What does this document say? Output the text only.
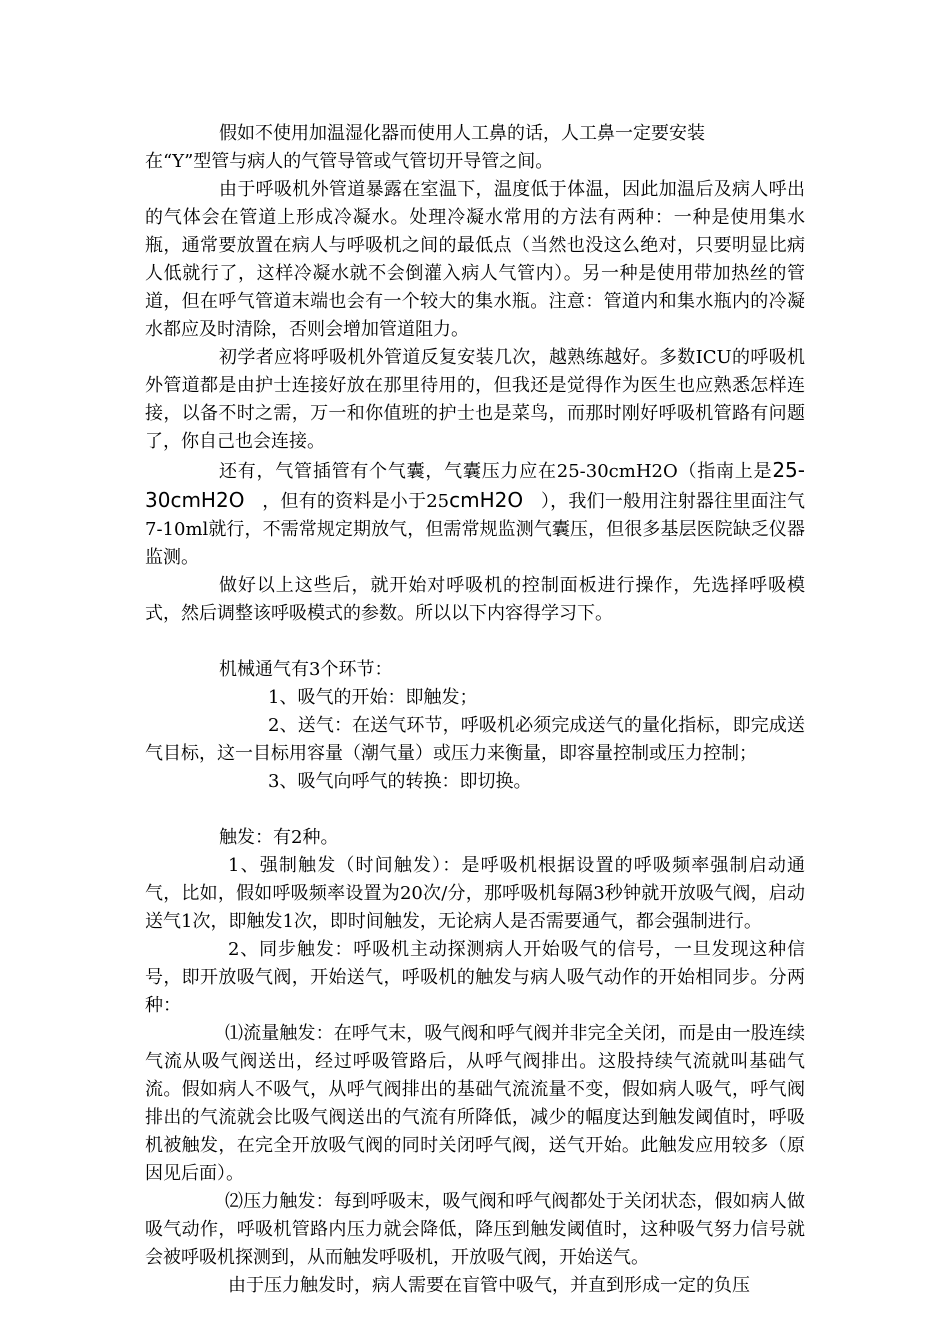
假如不使用加温湿化器而使用人工鼻的话，人工鼻一定要安装

在“Y”型管与病人的气管导管或气管切开导管之间。

由于呼吸机外管道暴露在室温下，温度低于体温，因此加温后及病人呼出的气体会在管道上形成冷凝水。处理冷凝水常用的方法有两种：一种是使用集水瓶，通常要放置在病人与呼吸机之间的最低点（当然也没这么绝对，只要明显比病人低就行了，这样冷凝水就不会倒灌入病人气管内）。另一种是使用带加热丝的管道，但在呼气管道末端也会有一个较大的集水瓶。注意：管道内和集水瓶内的冷凝水都应及时清除，否则会增加管道阻力。

初学者应将呼吸机外管道反复安装几次，越熟练越好。多数ICU的呼吸机外管道都是由护士连接好放在那里待用的，但我还是觉得作为医生也应熟悉怎样连接，以备不时之需，万一和你值班的护士也是菜鸟，而那时刚好呼吸机管路有问题了，你自己也会连接。

还有，气管插管有个气囊，气囊压力应在25-30cmH2O（指南上是25-30cmH2O ，但有的资料是小于25cmH2O ），我们一般用注射器往里面注气7-10ml就行，不需常规定期放气，但需常规监测气囊压，但很多基层医院缺乏仪器监测。

做好以上这些后，就开始对呼吸机的控制面板进行操作，先选择呼吸模式，然后调整该呼吸模式的参数。所以以下内容得学习下。

机械通气有3个环节：

1、吸气的开始：即触发；

2、送气：在送气环节，呼吸机必须完成送气的量化指标，即完成送气目标，这一目标用容量（潮气量）或压力来衡量，即容量控制或压力控制；

3、吸气向呼气的转换：即切换。

触发：有2种。

1、强制触发（时间触发）：是呼吸机根据设置的呼吸频率强制启动通气，比如，假如呼吸频率设置为20次/分，那呼吸机每隔3秒钟就开放吸气阀，启动送气1次，即触发1次，即时间触发，无论病人是否需要通气，都会强制进行。

2、同步触发：呼吸机主动探测病人开始吸气的信号，一旦发现这种信号，即开放吸气阀，开始送气，呼吸机的触发与病人吸气动作的开始相同步。分两种：

⑴流量触发：在呼气末，吸气阀和呼气阀并非完全关闭，而是由一股连续气流从吸气阀送出，经过呼吸管路后，从呼气阀排出。这股持续气流就叫基础气流。假如病人不吸气，从呼气阀排出的基础气流流量不变，假如病人吸气，呼气阀排出的气流就会比吸气阀送出的气流有所降低，减少的幅度达到触发阈值时，呼吸机被触发，在完全开放吸气阀的同时关闭呼气阀，送气开始。此触发应用较多（原因见后面）。

⑵压力触发：每到呼吸末，吸气阀和呼气阀都处于关闭状态，假如病人做吸气动作，呼吸机管路内压力就会降低，降压到触发阈值时，这种吸气努力信号就会被呼吸机探测到，从而触发呼吸机，开放吸气阀，开始送气。

由于压力触发时，病人需要在盲管中吸气，并直到形成一定的负压
